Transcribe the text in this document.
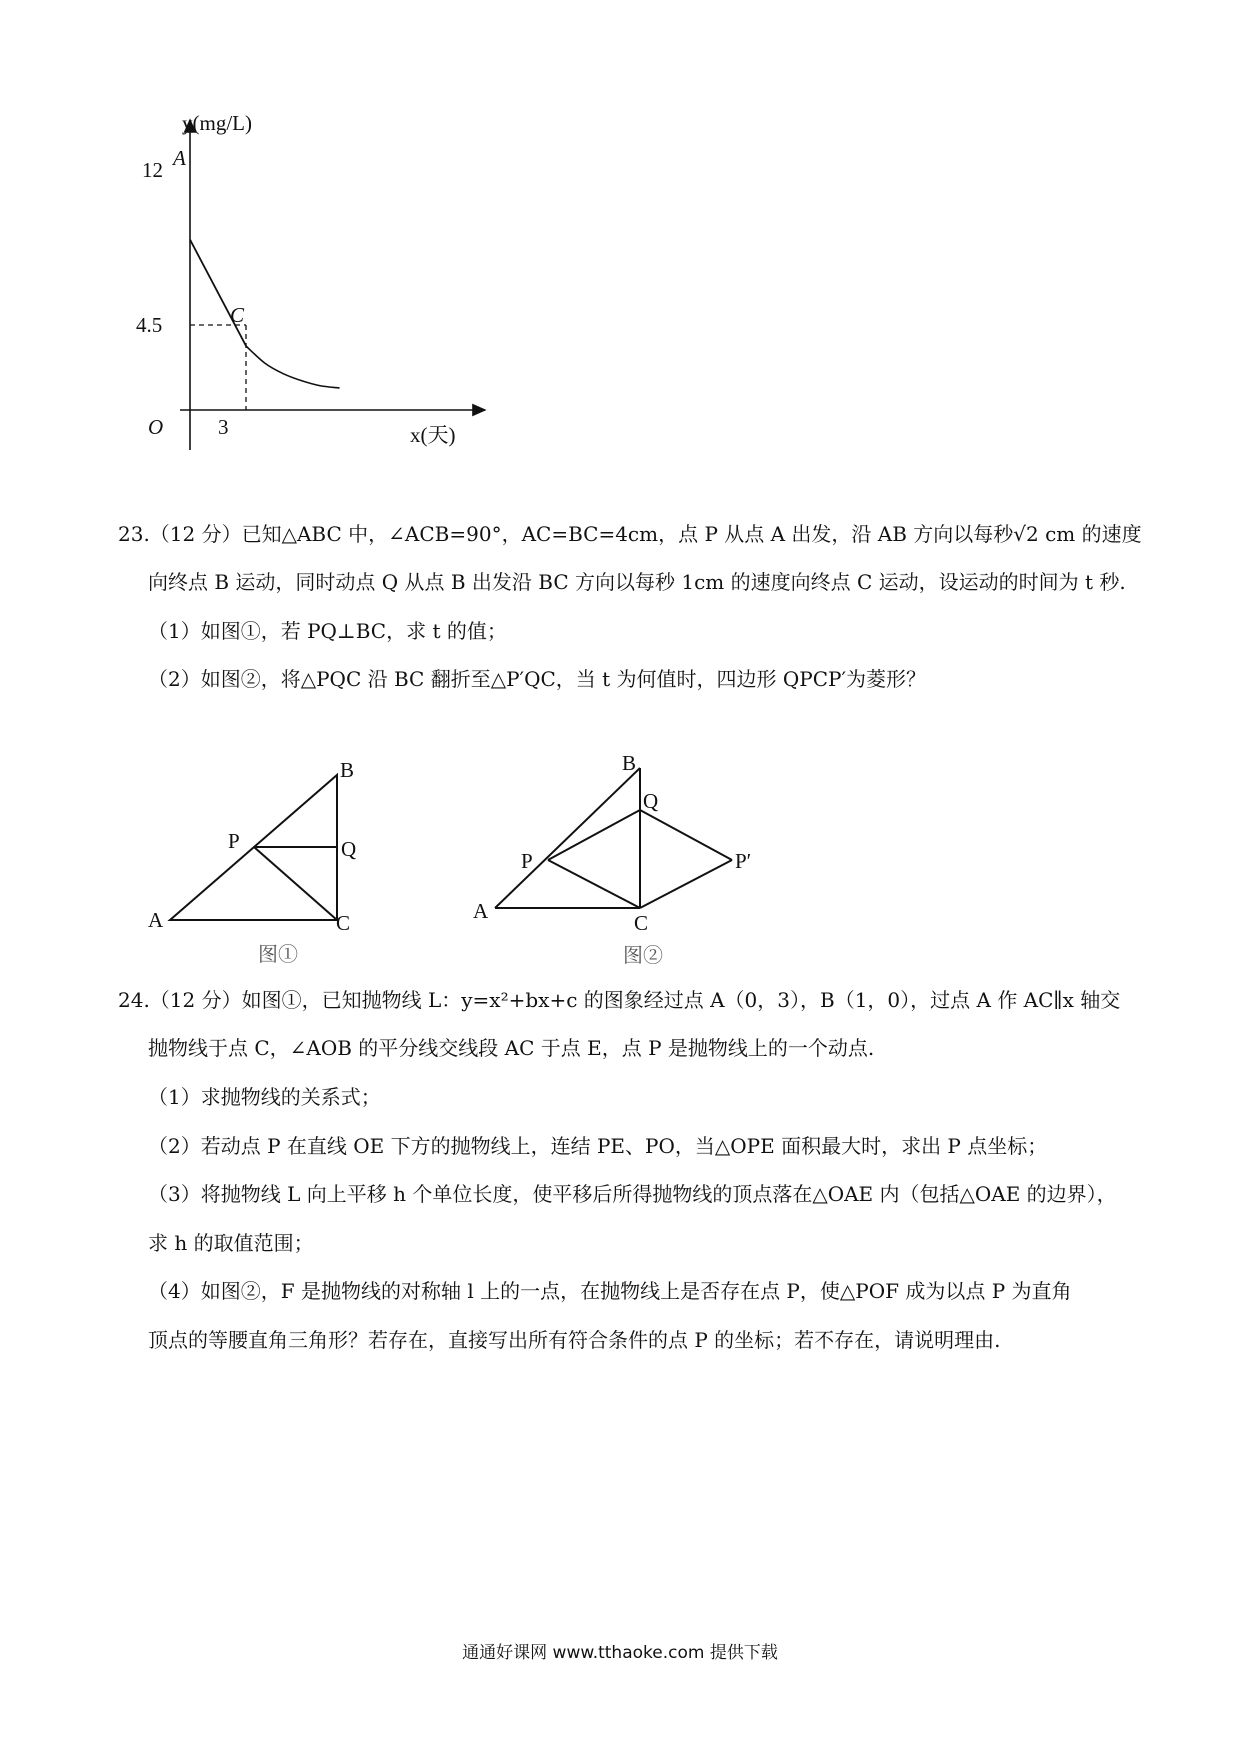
y(mg/L)
A
12
C
4.5
O	3	x(天)
23.（12 分）已知△ABC 中，∠ACB=90°，AC=BC=4cm，点 P 从点 A 出发，沿 AB 方向以每秒√2 cm 的速度
向终点 B 运动，同时动点 Q 从点 B 出发沿 BC 方向以每秒 1cm 的速度向终点 C 运动，设运动的时间为 t 秒.
（1）如图①，若 PQ⊥BC，求 t 的值；
（2）如图②，将△PQC 沿 BC 翻折至△P′QC，当 t 为何值时，四边形 QPCP′为菱形？
B
P	Q
A	C
图①
B
Q
P	P′
A	C
图②
24.（12 分）如图①，已知抛物线 L：y=x²+bx+c 的图象经过点 A（0，3），B（1，0），过点 A 作 AC∥x 轴交
抛物线于点 C，∠AOB 的平分线交线段 AC 于点 E，点 P 是抛物线上的一个动点.
（1）求抛物线的关系式；
（2）若动点 P 在直线 OE 下方的抛物线上，连结 PE、PO，当△OPE 面积最大时，求出 P 点坐标；
（3）将抛物线 L 向上平移 h 个单位长度，使平移后所得抛物线的顶点落在△OAE 内（包括△OAE 的边界），
求 h 的取值范围；
（4）如图②，F 是抛物线的对称轴 l 上的一点，在抛物线上是否存在点 P，使△POF 成为以点 P 为直角
顶点的等腰直角三角形？若存在，直接写出所有符合条件的点 P 的坐标；若不存在，请说明理由.
通通好课网 www.tthaoke.com 提供下载
